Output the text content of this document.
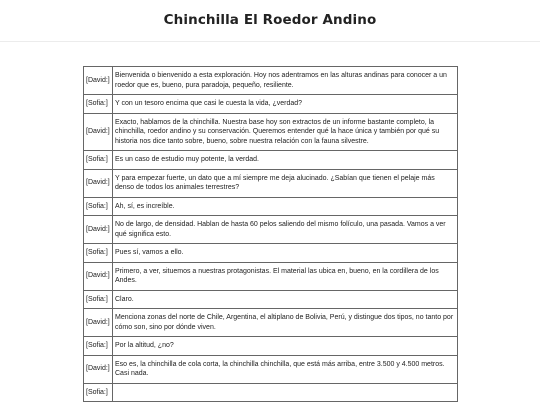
Chinchilla El Roedor Andino
[David:]	Bienvenida o bienvenido a esta exploración. Hoy nos adentramos en las alturas andinas para conocer a un roedor que es, bueno, pura paradoja, pequeño, resiliente.
[Sofia:]	Y con un tesoro encima que casi le cuesta la vida, ¿verdad?
[David:]	Exacto, hablamos de la chinchilla. Nuestra base hoy son extractos de un informe bastante completo, la chinchilla, roedor andino y su conservación. Queremos entender qué la hace única y también por qué su historia nos dice tanto sobre, bueno, sobre nuestra relación con la fauna silvestre.
[Sofia:]	Es un caso de estudio muy potente, la verdad.
[David:]	Y para empezar fuerte, un dato que a mí siempre me deja alucinado. ¿Sabían que tienen el pelaje más denso de todos los animales terrestres?
[Sofia:]	Ah, sí, es increíble.
[David:]	No de largo, de densidad. Hablan de hasta 60 pelos saliendo del mismo folículo, una pasada. Vamos a ver qué significa esto.
[Sofia:]	Pues sí, vamos a ello.
[David:]	Primero, a ver, situemos a nuestras protagonistas. El material las ubica en, bueno, en la cordillera de los Andes.
[Sofia:]	Claro.
[David:]	Menciona zonas del norte de Chile, Argentina, el altiplano de Bolivia, Perú, y distingue dos tipos, no tanto por cómo son, sino por dónde viven.
[Sofia:]	Por la altitud, ¿no?
[David:]	Eso es, la chinchilla de cola corta, la chinchilla chinchilla, que está más arriba, entre 3.500 y 4.500 metros. Casi nada.
[Sofia:]	
